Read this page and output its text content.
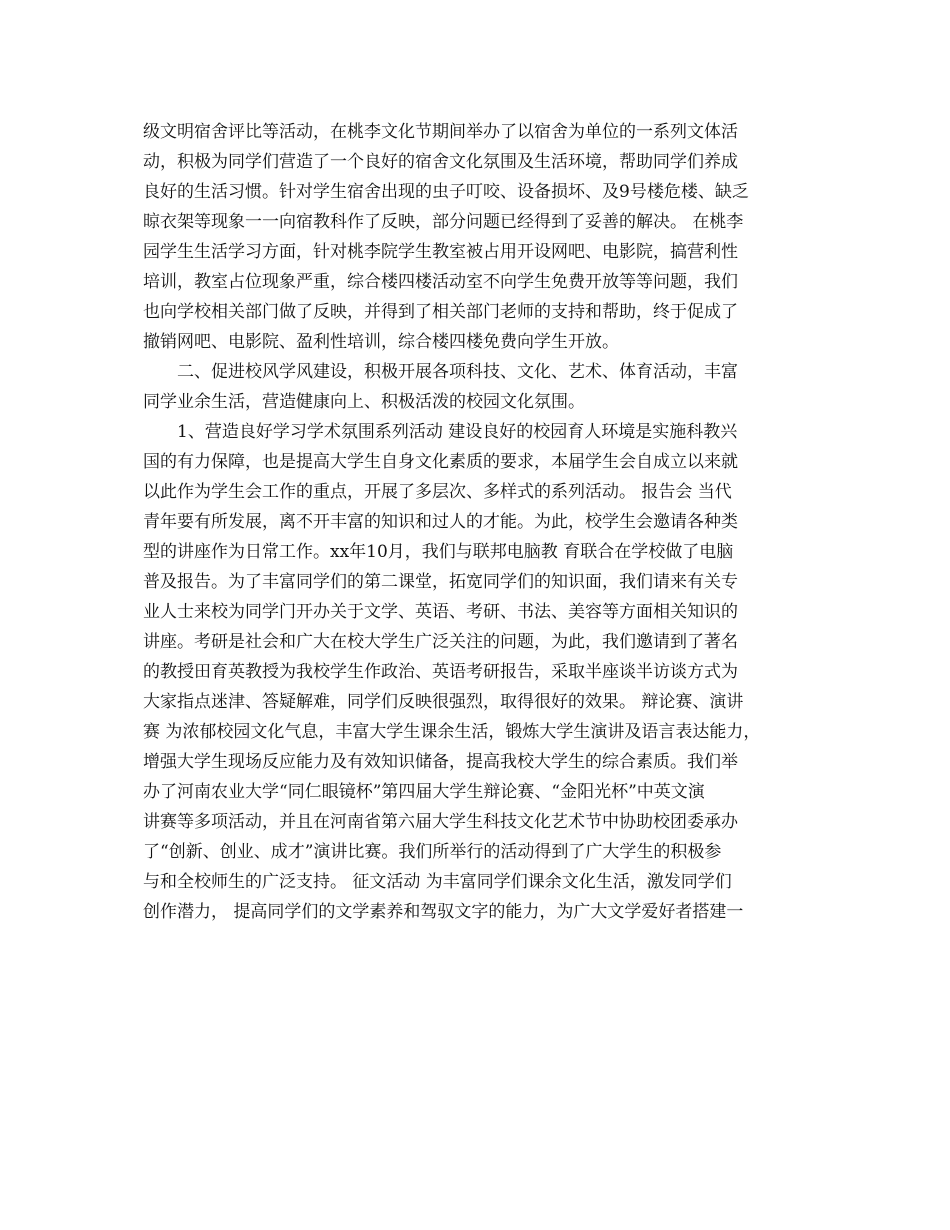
级文明宿舍评比等活动，在桃李文化节期间举办了以宿舍为单位的一系列文体活
动，积极为同学们营造了一个良好的宿舍文化氛围及生活环境，帮助同学们养成
良好的生活习惯。针对学生宿舍出现的虫子叮咬、设备损坏、及9号楼危楼、缺乏
晾衣架等现象一一向宿教科作了反映，部分问题已经得到了妥善的解决。 在桃李
园学生生活学习方面，针对桃李院学生教室被占用开设网吧、电影院，搞营利性
培训，教室占位现象严重，综合楼四楼活动室不向学生免费开放等等问题，我们
也向学校相关部门做了反映，并得到了相关部门老师的支持和帮助，终于促成了
撤销网吧、电影院、盈利性培训，综合楼四楼免费向学生开放。
二、促进校风学风建设，积极开展各项科技、文化、艺术、体育活动，丰富
同学业余生活，营造健康向上、积极活泼的校园文化氛围。
1、营造良好学习学术氛围系列活动 建设良好的校园育人环境是实施科教兴
国的有力保障，也是提高大学生自身文化素质的要求，本届学生会自成立以来就
以此作为学生会工作的重点，开展了多层次、多样式的系列活动。 报告会 当代
青年要有所发展，离不开丰富的知识和过人的才能。为此，校学生会邀请各种类
型的讲座作为日常工作。xx年10月，我们与联邦电脑教 育联合在学校做了电脑
普及报告。为了丰富同学们的第二课堂，拓宽同学们的知识面，我们请来有关专
业人士来校为同学门开办关于文学、英语、考研、书法、美容等方面相关知识的
讲座。考研是社会和广大在校大学生广泛关注的问题，为此，我们邀请到了著名
的教授田育英教授为我校学生作政治、英语考研报告，采取半座谈半访谈方式为
大家指点迷津、答疑解难，同学们反映很强烈，取得很好的效果。 辩论赛、演讲
赛 为浓郁校园文化气息，丰富大学生课余生活，锻炼大学生演讲及语言表达能力，
增强大学生现场反应能力及有效知识储备，提高我校大学生的综合素质。我们举
办了河南农业大学“同仁眼镜杯”第四届大学生辩论赛、“金阳光杯”中英文演
讲赛等多项活动，并且在河南省第六届大学生科技文化艺术节中协助校团委承办
了“创新、创业、成才”演讲比赛。我们所举行的活动得到了广大学生的积极参
与和全校师生的广泛支持。 征文活动 为丰富同学们课余文化生活，激发同学们
创作潜力， 提高同学们的文学素养和驾驭文字的能力，为广大文学爱好者搭建一
